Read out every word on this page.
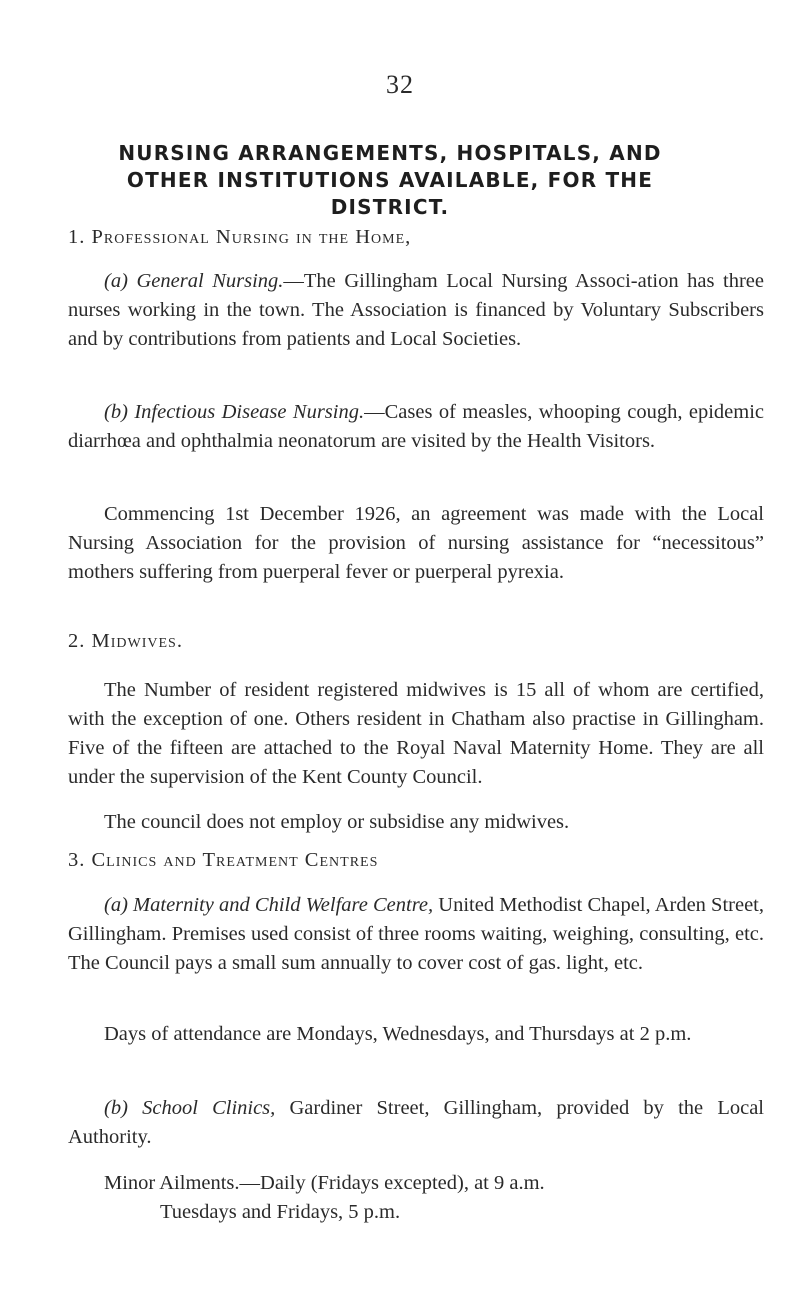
32
NURSING ARRANGEMENTS, HOSPITALS, AND OTHER INSTITUTIONS AVAILABLE, FOR THE DISTRICT.
1. Professional Nursing in the Home,
(a) General Nursing.—The Gillingham Local Nursing Associ-ation has three nurses working in the town. The Association is financed by Voluntary Subscribers and by contributions from patients and Local Societies.
(b) Infectious Disease Nursing.—Cases of measles, whooping cough, epidemic diarrhœa and ophthalmia neonatorum are visited by the Health Visitors.
Commencing 1st December 1926, an agreement was made with the Local Nursing Association for the provision of nursing assistance for “necessitous” mothers suffering from puerperal fever or puerperal pyrexia.
2. Midwives.
The Number of resident registered midwives is 15 all of whom are certified, with the exception of one. Others resident in Chatham also practise in Gillingham. Five of the fifteen are attached to the Royal Naval Maternity Home. They are all under the supervision of the Kent County Council.
The council does not employ or subsidise any midwives.
3. Clinics and Treatment Centres
(a) Maternity and Child Welfare Centre, United Methodist Chapel, Arden Street, Gillingham. Premises used consist of three rooms waiting, weighing, consulting, etc. The Council pays a small sum annually to cover cost of gas. light, etc.
Days of attendance are Mondays, Wednesdays, and Thursdays at 2 p.m.
(b) School Clinics, Gardiner Street, Gillingham, provided by the Local Authority.
Minor Ailments.—Daily (Fridays excepted), at 9 a.m.
Tuesdays and Fridays, 5 p.m.
